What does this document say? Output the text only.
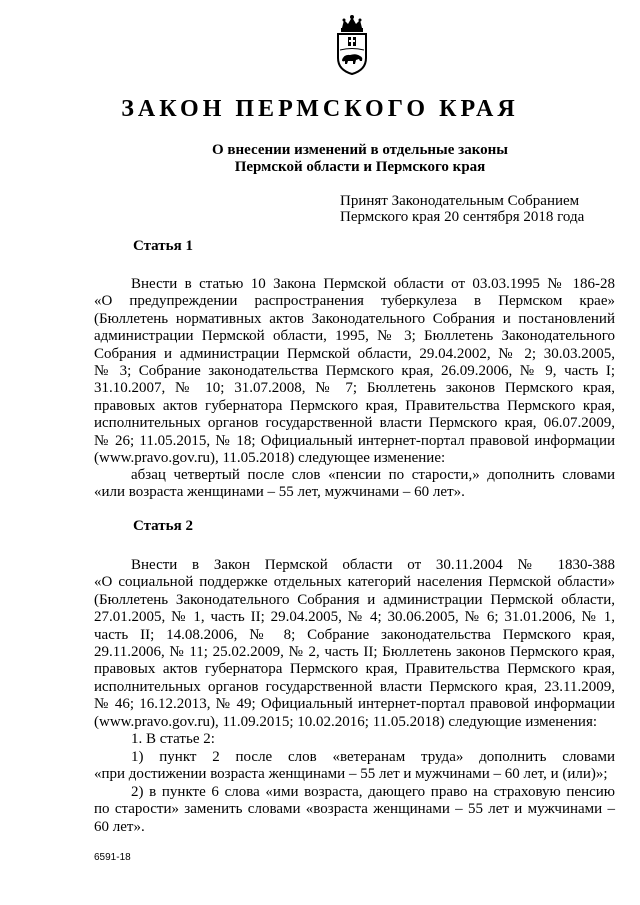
ЗАКОН ПЕРМСКОГО КРАЯ
О внесении изменений в отдельные законы
Пермской области и Пермского края
Принят Законодательным Собранием
Пермского края 20 сентября 2018 года
Статья 1
Внести в статью 10 Закона Пермской области от 03.03.1995 № 186-28
«О предупреждении распространения туберкулеза в Пермском крае»
(Бюллетень нормативных актов Законодательного Собрания и постановлений
администрации Пермской области, 1995, № 3; Бюллетень Законодательного
Собрания и администрации Пермской области, 29.04.2002, № 2; 30.03.2005,
№ 3; Собрание законодательства Пермского края, 26.09.2006, № 9, часть I;
31.10.2007, № 10; 31.07.2008, № 7; Бюллетень законов Пермского края,
правовых актов губернатора Пермского края, Правительства Пермского края,
исполнительных органов государственной власти Пермского края, 06.07.2009,
№ 26; 11.05.2015, № 18; Официальный интернет-портал правовой информации
(www.pravo.gov.ru), 11.05.2018) следующее изменение:
абзац четвертый после слов «пенсии по старости,» дополнить словами
«или возраста женщинами – 55 лет, мужчинами – 60 лет».
Статья 2
Внести в Закон Пермской области от 30.11.2004 № 1830-388
«О социальной поддержке отдельных категорий населения Пермской области»
(Бюллетень Законодательного Собрания и администрации Пермской области,
27.01.2005, № 1, часть II; 29.04.2005, № 4; 30.06.2005, № 6; 31.01.2006, № 1,
часть II; 14.08.2006, № 8; Собрание законодательства Пермского края,
29.11.2006, № 11; 25.02.2009, № 2, часть II; Бюллетень законов Пермского края,
правовых актов губернатора Пермского края, Правительства Пермского края,
исполнительных органов государственной власти Пермского края, 23.11.2009,
№ 46; 16.12.2013, № 49; Официальный интернет-портал правовой информации
(www.pravo.gov.ru), 11.09.2015; 10.02.2016; 11.05.2018) следующие изменения:
1. В статье 2:
1) пункт 2 после слов «ветеранам труда» дополнить словами
«при достижении возраста женщинами – 55 лет и мужчинами – 60 лет, и (или)»;
2) в пункте 6 слова «ими возраста, дающего право на страховую пенсию
по старости» заменить словами «возраста женщинами – 55 лет и мужчинами –
60 лет».
6591-18
